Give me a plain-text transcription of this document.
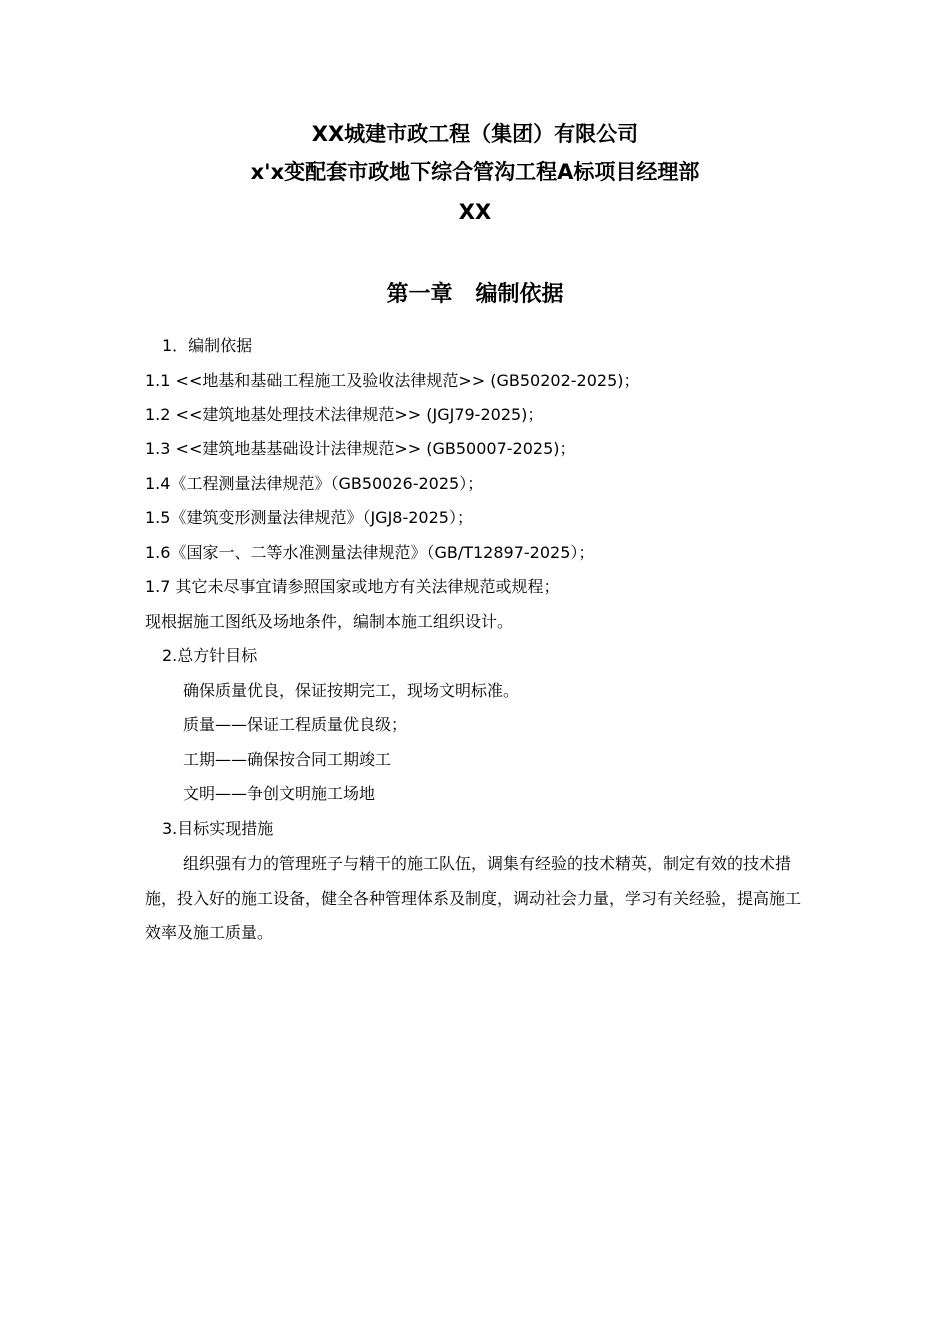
XX城建市政工程（集团）有限公司
x'x变配套市政地下综合管沟工程A标项目经理部
XX
第一章   编制依据
1．编制依据
1.1 <<地基和基础工程施工及验收法律规范>> (GB50202-2025)；
1.2 <<建筑地基处理技术法律规范>> (JGJ79-2025)；
1.3 <<建筑地基基础设计法律规范>> (GB50007-2025)；
1.4《工程测量法律规范》（GB50026-2025）；
1.5《建筑变形测量法律规范》（JGJ8-2025）；
1.6《国家一、二等水准测量法律规范》（GB/T12897-2025）；
1.7 其它未尽事宜请参照国家或地方有关法律规范或规程；
现根据施工图纸及场地条件，编制本施工组织设计。
2.总方针目标
确保质量优良，保证按期完工，现场文明标准。
质量——保证工程质量优良级；
工期——确保按合同工期竣工
文明——争创文明施工场地
3.目标实现措施
组织强有力的管理班子与精干的施工队伍，调集有经验的技术精英，制定有效的技术措施，投入好的施工设备，健全各种管理体系及制度，调动社会力量，学习有关经验，提高施工效率及施工质量。
